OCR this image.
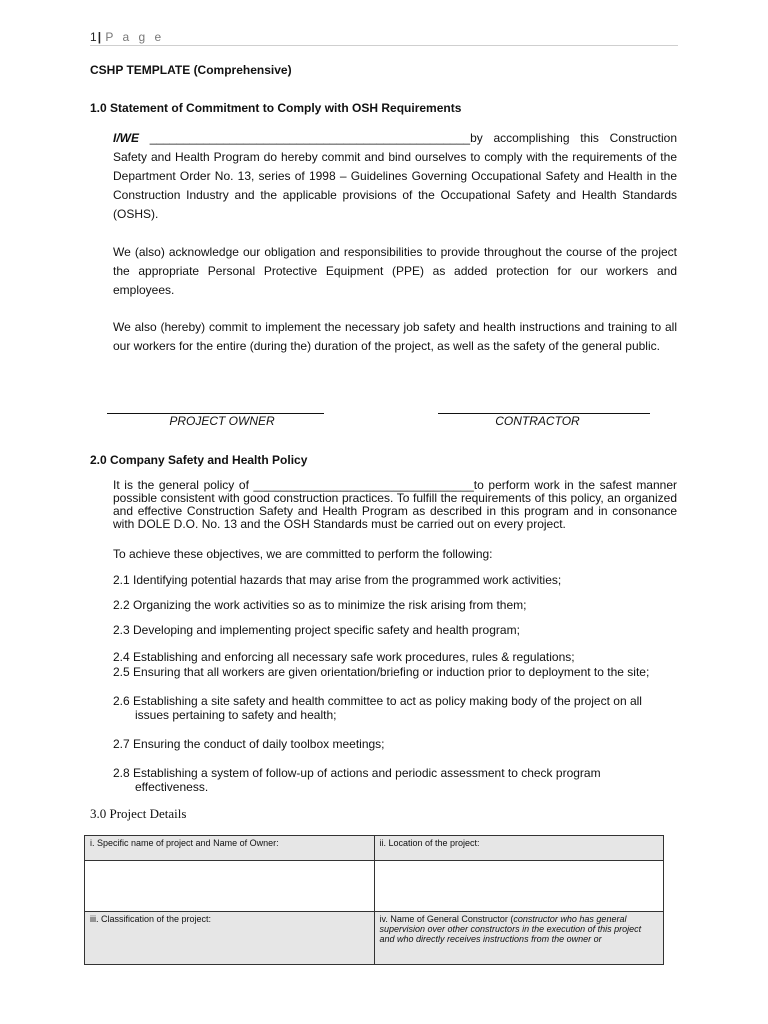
1| P a g e
CSHP TEMPLATE (Comprehensive)
1.0 Statement of Commitment to Comply with OSH Requirements
I/WE ________________________________________________by accomplishing this Construction Safety and Health Program do hereby commit and bind ourselves to comply with the requirements of the Department Order No. 13, series of 1998 – Guidelines Governing Occupational Safety and Health in the Construction Industry and the applicable provisions of the Occupational Safety and Health Standards (OSHS).
We (also) acknowledge our obligation and responsibilities to provide throughout the course of the project the appropriate Personal Protective Equipment (PPE) as added protection for our workers and employees.
We also (hereby) commit to implement the necessary job safety and health instructions and training to all our workers for the entire (during the) duration of the project, as well as the safety of the general public.
PROJECT OWNER	CONTRACTOR
2.0 Company Safety and Health Policy
It is the general policy of _________________________________to perform work in the safest manner possible consistent with good construction practices. To fulfill the requirements of this policy, an organized and effective Construction Safety and Health Program as described in this program and in consonance with DOLE D.O. No. 13 and the OSH Standards must be carried out on every project.
To achieve these objectives, we are committed to perform the following:
2.1 Identifying potential hazards that may arise from the programmed work activities;
2.2 Organizing the work activities so as to minimize the risk arising from them;
2.3 Developing and implementing project specific safety and health program;
2.4 Establishing and enforcing all necessary safe work procedures, rules & regulations;
2.5 Ensuring that all workers are given orientation/briefing or induction prior to deployment to the site;
2.6 Establishing a site safety and health committee to act as policy making body of the project on all
issues pertaining to safety and health;
2.7 Ensuring the conduct of daily toolbox meetings;
2.8 Establishing a system of follow-up of actions and periodic assessment to check program
effectiveness.
3.0 Project Details
i. Specific name of project and Name of Owner:	ii. Location of the project:

iii. Classification of the project:	iv. Name of General Constructor (constructor who has general supervision over other constructors in the execution of this project and who directly receives instructions from the owner or
